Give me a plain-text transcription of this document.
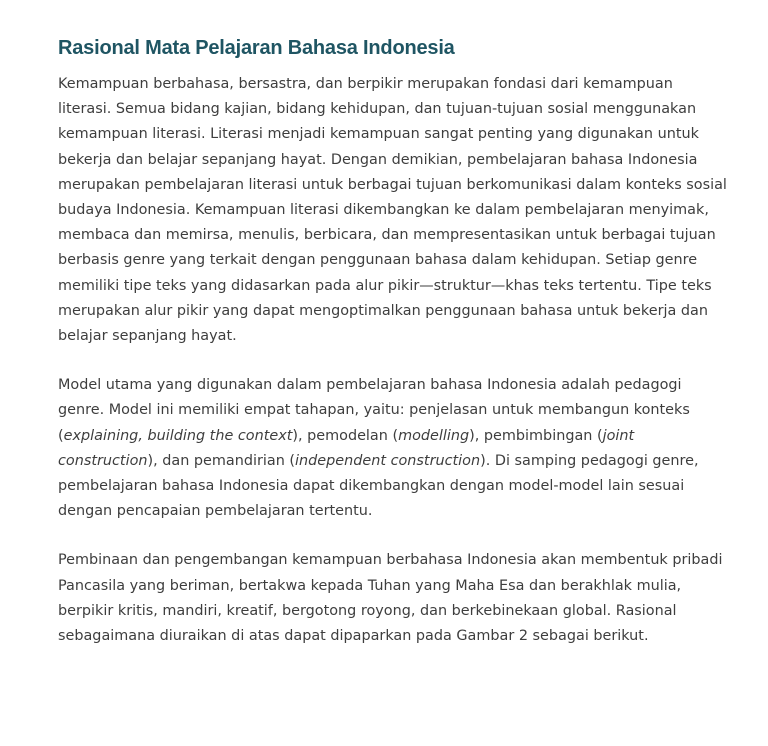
Rasional Mata Pelajaran Bahasa Indonesia

Kemampuan berbahasa, bersastra, dan berpikir merupakan fondasi dari kemampuan literasi. Semua bidang kajian, bidang kehidupan, dan tujuan-tujuan sosial menggunakan kemampuan literasi. Literasi menjadi kemampuan sangat penting yang digunakan untuk bekerja dan belajar sepanjang hayat. Dengan demikian, pembelajaran bahasa Indonesia merupakan pembelajaran literasi untuk berbagai tujuan berkomunikasi dalam konteks sosial budaya Indonesia. Kemampuan literasi dikembangkan ke dalam pembelajaran menyimak, membaca dan memirsa, menulis, berbicara, dan mempresentasikan untuk berbagai tujuan berbasis genre yang terkait dengan penggunaan bahasa dalam kehidupan. Setiap genre memiliki tipe teks yang didasarkan pada alur pikir—struktur—khas teks tertentu. Tipe teks merupakan alur pikir yang dapat mengoptimalkan penggunaan bahasa untuk bekerja dan belajar sepanjang hayat.

Model utama yang digunakan dalam pembelajaran bahasa Indonesia adalah pedagogi genre. Model ini memiliki empat tahapan, yaitu: penjelasan untuk membangun konteks (explaining, building the context), pemodelan (modelling), pembimbingan (joint construction), dan pemandirian (independent construction). Di samping pedagogi genre, pembelajaran bahasa Indonesia dapat dikembangkan dengan model-model lain sesuai dengan pencapaian pembelajaran tertentu.

Pembinaan dan pengembangan kemampuan berbahasa Indonesia akan membentuk pribadi Pancasila yang beriman, bertakwa kepada Tuhan yang Maha Esa dan berakhlak mulia, berpikir kritis, mandiri, kreatif, bergotong royong, dan berkebinekaan global. Rasional sebagaimana diuraikan di atas dapat dipaparkan pada Gambar 2 sebagai berikut.
